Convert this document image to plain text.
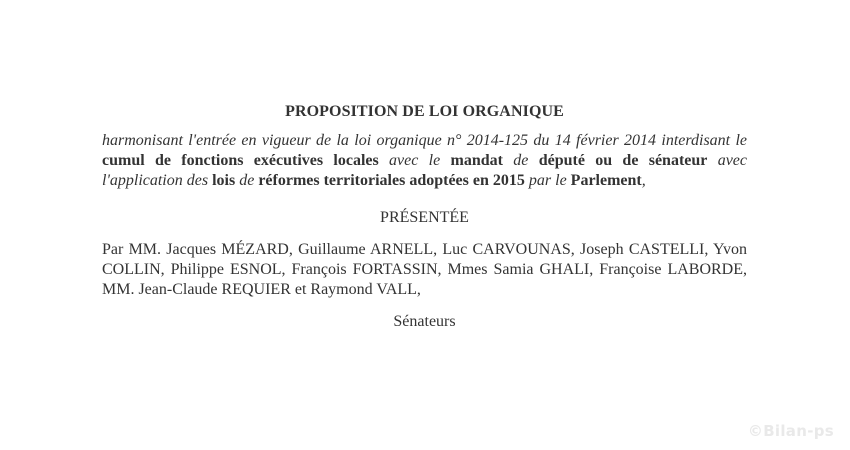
PROPOSITION DE LOI ORGANIQUE

harmonisant l'entrée en vigueur de la loi organique n° 2014-125 du 14 février 2014 interdisant le cumul de fonctions exécutives locales avec le mandat de député ou de sénateur avec l'application des lois de réformes territoriales adoptées en 2015 par le Parlement,

PRÉSENTÉE

Par MM. Jacques MÉZARD, Guillaume ARNELL, Luc CARVOUNAS, Joseph CASTELLI, Yvon COLLIN, Philippe ESNOL, François FORTASSIN, Mmes Samia GHALI, Françoise LABORDE, MM. Jean-Claude REQUIER et Raymond VALL,

Sénateurs
©Bilan-ps
